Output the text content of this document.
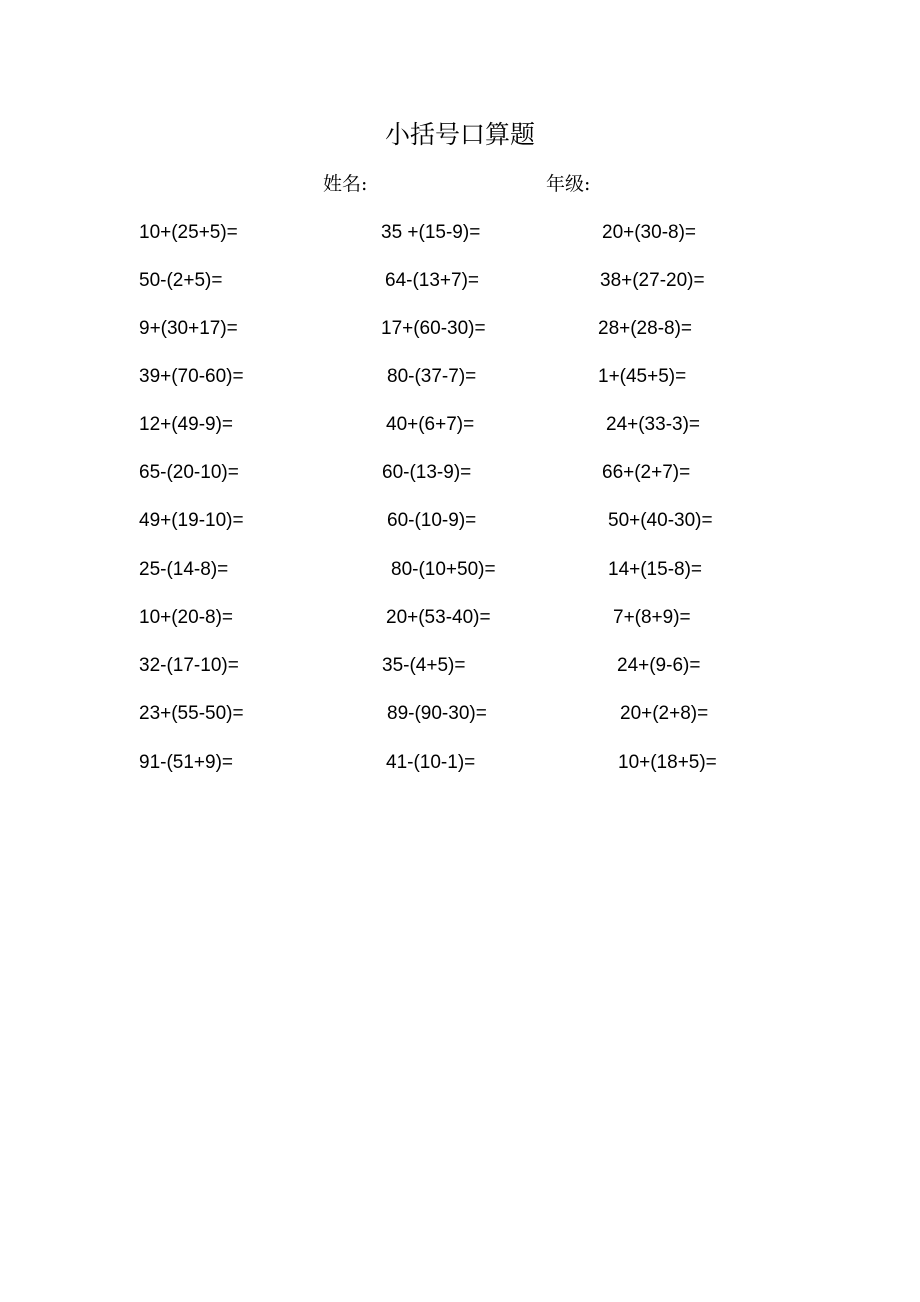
小括号口算题
姓名:	年级:
10+(25+5)=	35 +(15-9)=	20+(30-8)=
50-(2+5)=	64-(13+7)=	38+(27-20)=
9+(30+17)=	17+(60-30)=	28+(28-8)=
39+(70-60)=	80-(37-7)=	1+(45+5)=
12+(49-9)=	40+(6+7)=	24+(33-3)=
65-(20-10)=	60-(13-9)=	66+(2+7)=
49+(19-10)=	60-(10-9)=	50+(40-30)=
25-(14-8)=	80-(10+50)=	14+(15-8)=
10+(20-8)=	20+(53-40)=	7+(8+9)=
32-(17-10)=	35-(4+5)=	24+(9-6)=
23+(55-50)=	89-(90-30)=	20+(2+8)=
91-(51+9)=	41-(10-1)=	10+(18+5)=
